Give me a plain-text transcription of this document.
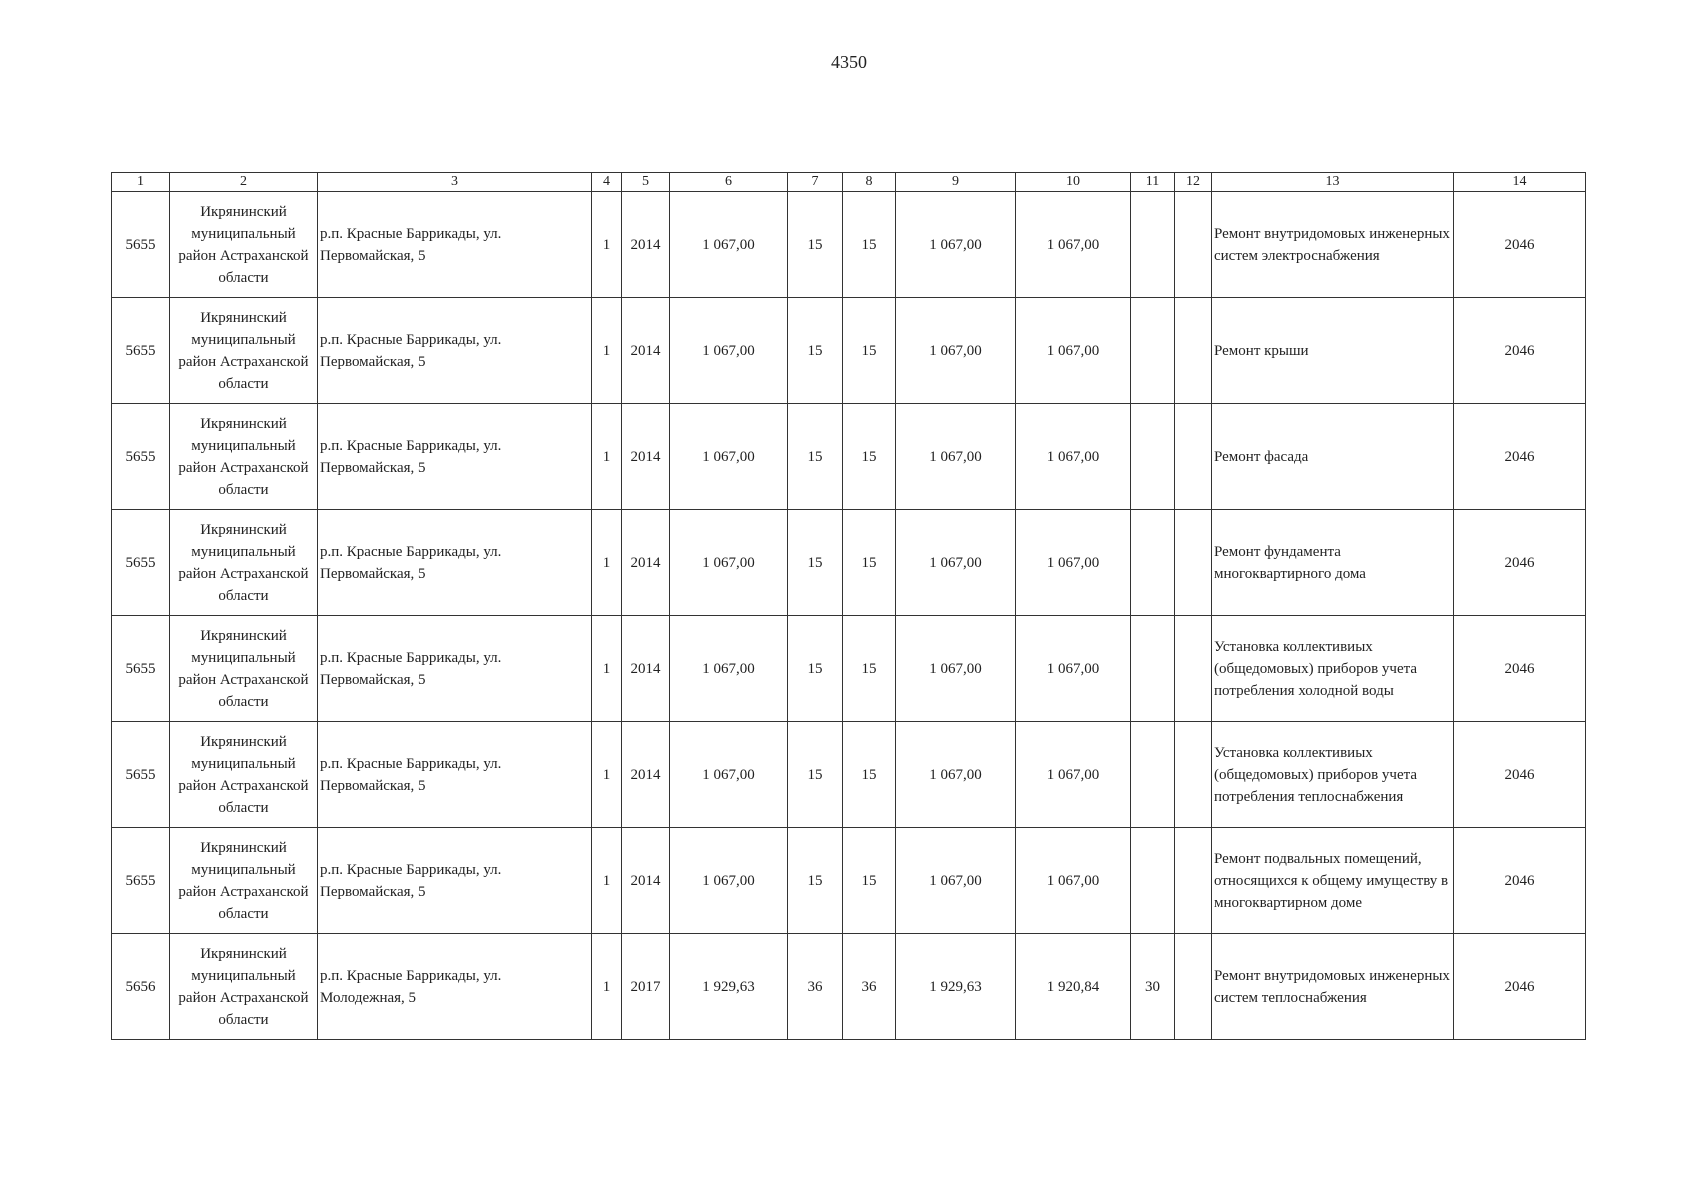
4350
1	2	3	4	5	6	7	8	9	10	11	12	13	14
5655	Икрянинский муниципальный район Астраханской области	р.п. Красные Баррикады, ул. Первомайская, 5	1	2014	1 067,00	15	15	1 067,00	1 067,00			Ремонт внутридомовых инженерных систем электроснабжения	2046
5655	Икрянинский муниципальный район Астраханской области	р.п. Красные Баррикады, ул. Первомайская, 5	1	2014	1 067,00	15	15	1 067,00	1 067,00			Ремонт крыши	2046
5655	Икрянинский муниципальный район Астраханской области	р.п. Красные Баррикады, ул. Первомайская, 5	1	2014	1 067,00	15	15	1 067,00	1 067,00			Ремонт фасада	2046
5655	Икрянинский муниципальный район Астраханской области	р.п. Красные Баррикады, ул. Первомайская, 5	1	2014	1 067,00	15	15	1 067,00	1 067,00			Ремонт фундамента многоквартирного дома	2046
5655	Икрянинский муниципальный район Астраханской области	р.п. Красные Баррикады, ул. Первомайская, 5	1	2014	1 067,00	15	15	1 067,00	1 067,00			Установка коллективиых (общедомовых) приборов учета потребления холодной воды	2046
5655	Икрянинский муниципальный район Астраханской области	р.п. Красные Баррикады, ул. Первомайская, 5	1	2014	1 067,00	15	15	1 067,00	1 067,00			Установка коллективиых (общедомовых) приборов учета потребления теплоснабжения	2046
5655	Икрянинский муниципальный район Астраханской области	р.п. Красные Баррикады, ул. Первомайская, 5	1	2014	1 067,00	15	15	1 067,00	1 067,00			Ремонт подвальных помещений, относящихся к общему имуществу в многоквартирном доме	2046
5656	Икрянинский муниципальный район Астраханской области	р.п. Красные Баррикады, ул. Молодежная, 5	1	2017	1 929,63	36	36	1 929,63	1 920,84	30		Ремонт внутридомовых инженерных систем теплоснабжения	2046
